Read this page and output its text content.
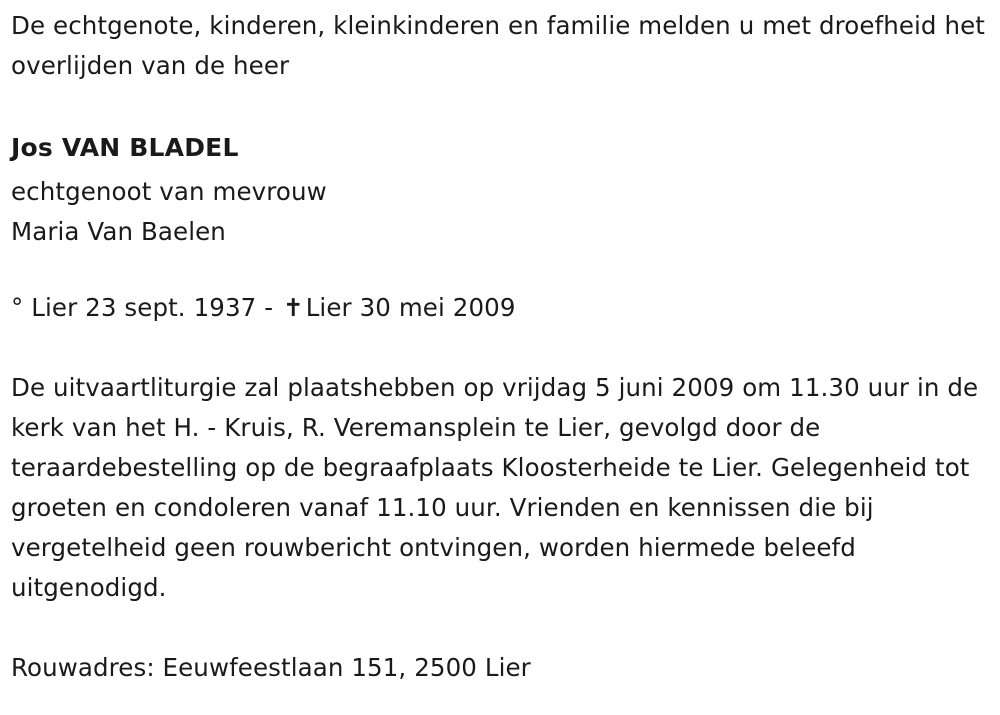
De echtgenote, kinderen, kleinkinderen en familie melden u met droefheid het overlijden van de heer

Jos VAN BLADEL

echtgenoot van mevrouw

Maria Van Baelen

° Lier 23 sept. 1937 - ✝Lier 30 mei 2009

De uitvaartliturgie zal plaatshebben op vrijdag 5 juni 2009 om 11.30 uur in de kerk van het H. - Kruis, R. Veremansplein te Lier, gevolgd door de teraardebestelling op de begraafplaats Kloosterheide te Lier. Gelegenheid tot groeten en condoleren vanaf 11.10 uur. Vrienden en kennissen die bij vergetelheid geen rouwbericht ontvingen, worden hiermede beleefd uitgenodigd.

Rouwadres: Eeuwfeestlaan 151, 2500 Lier
